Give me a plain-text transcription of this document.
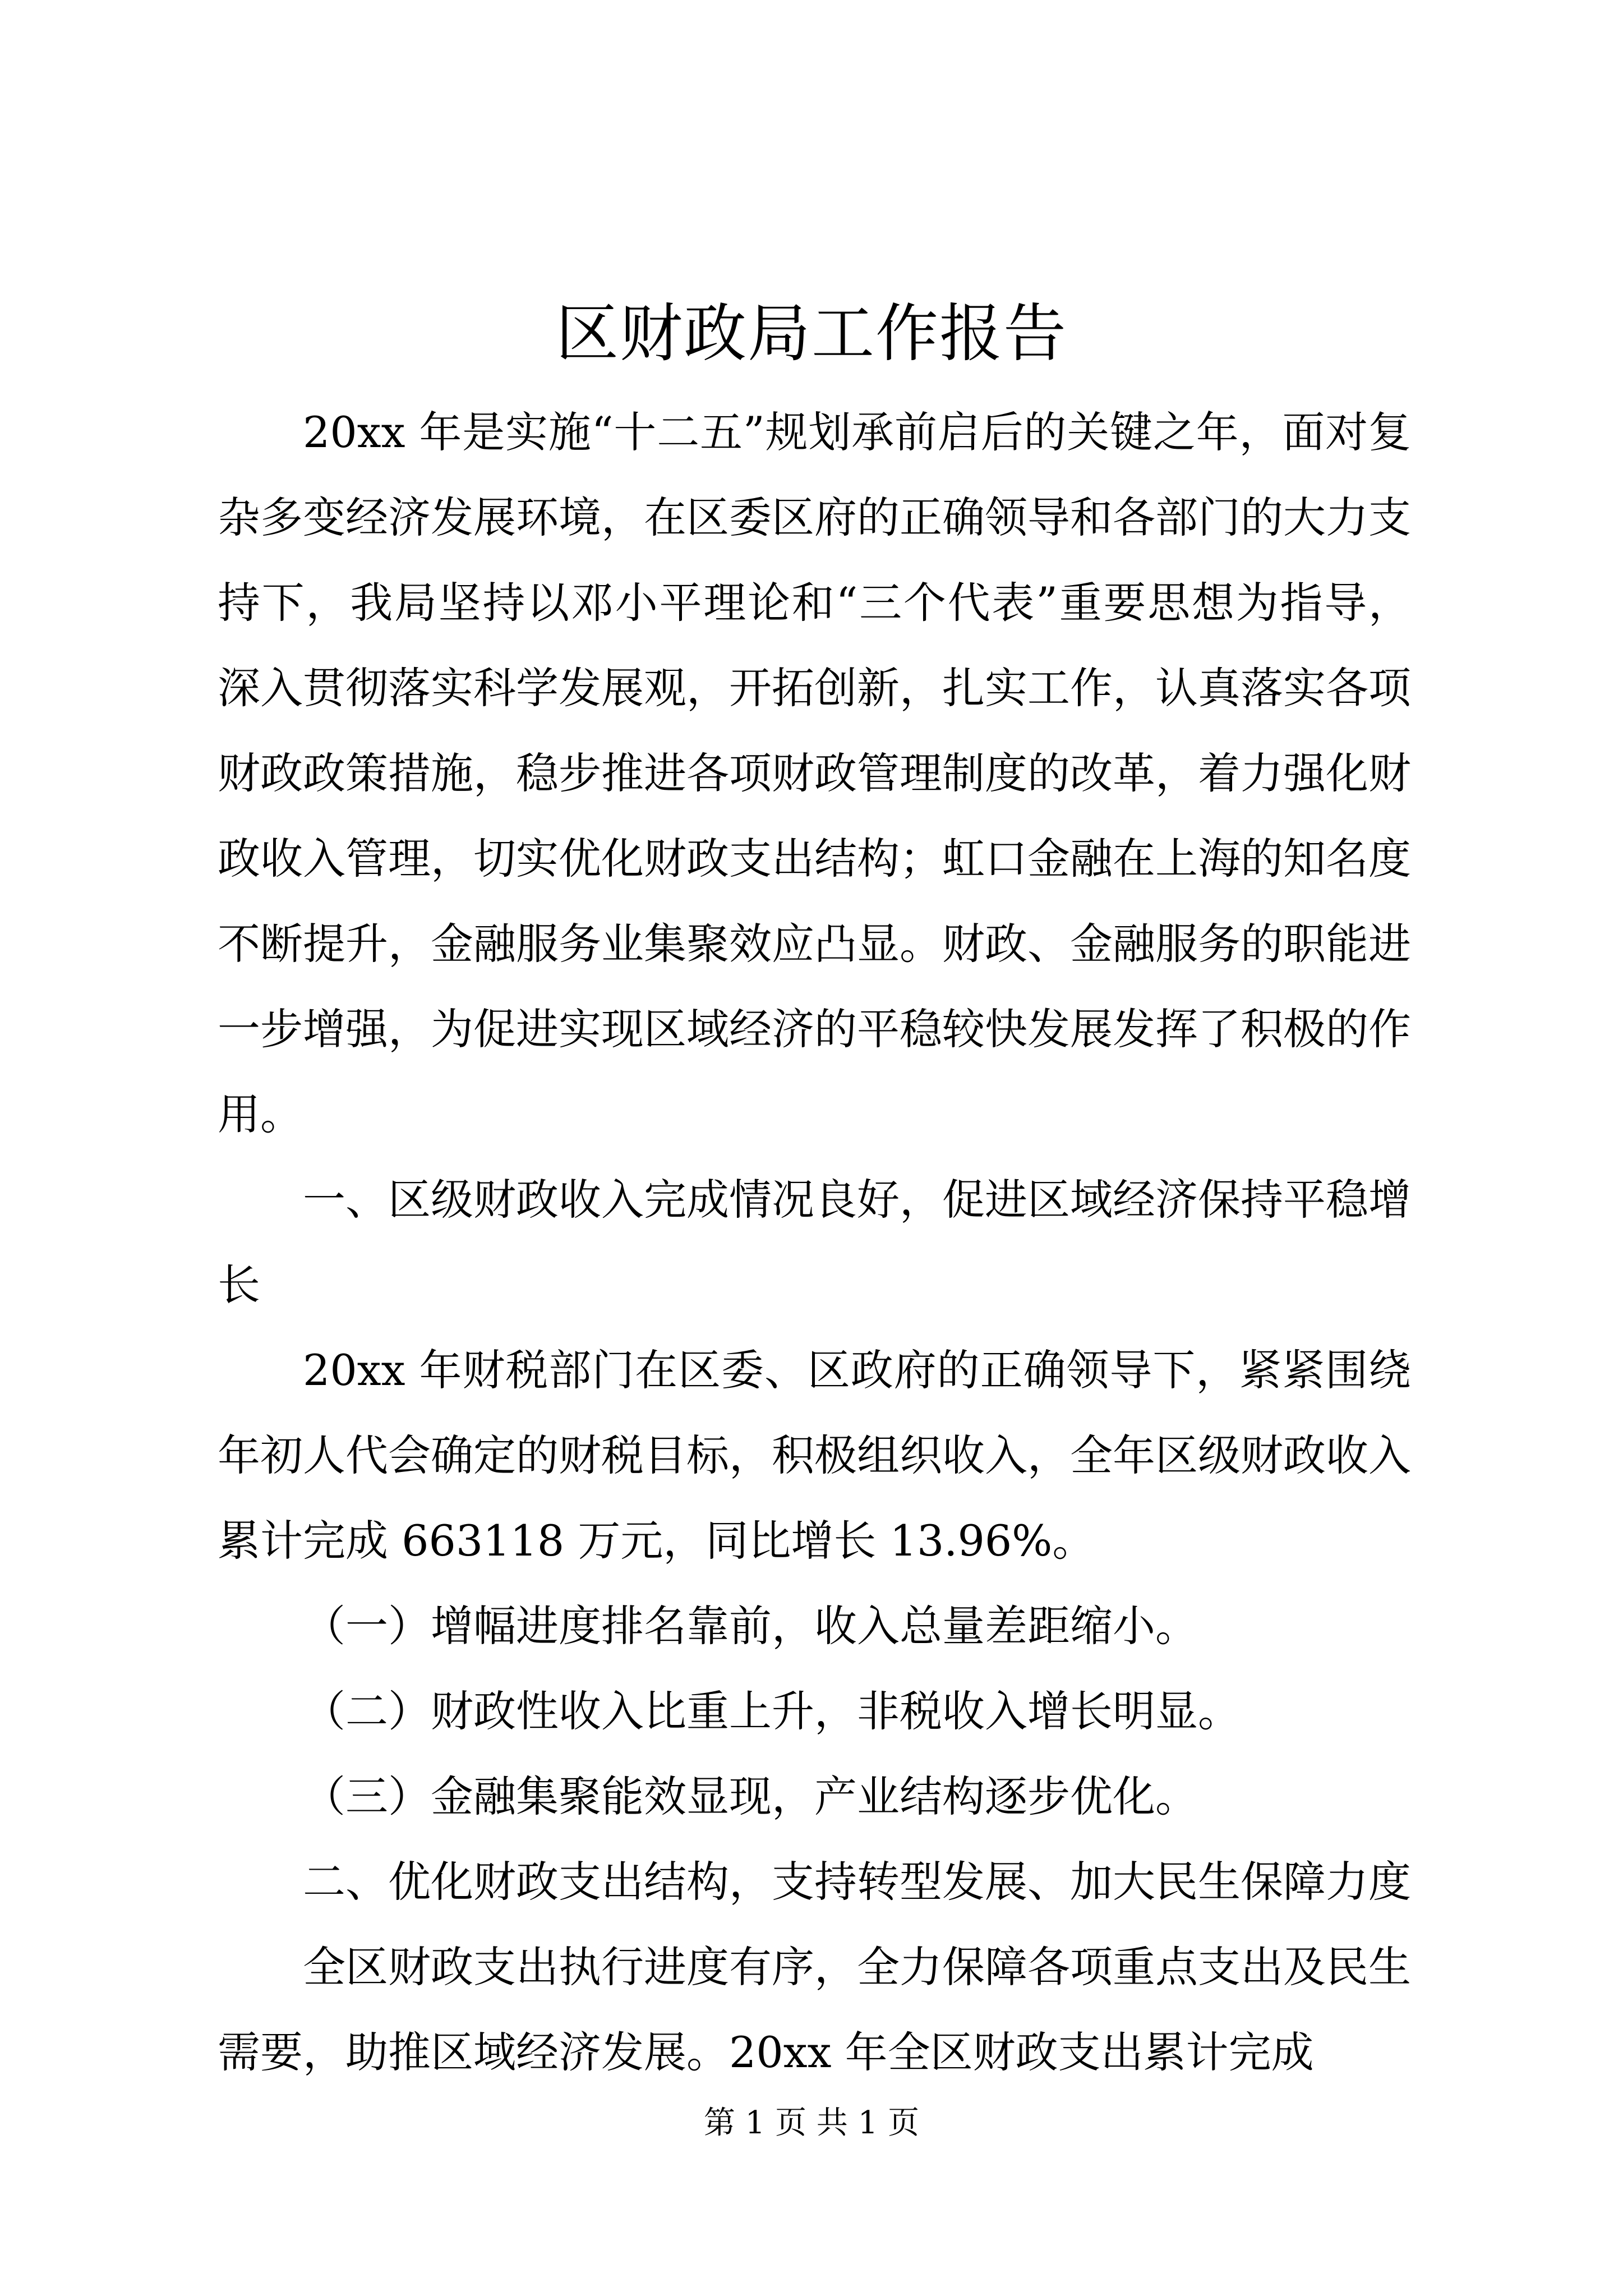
区财政局工作报告

20xx 年是实施“十二五”规划承前启后的关键之年，面对复杂多变经济发展环境，在区委区府的正确领导和各部门的大力支持下，我局坚持以邓小平理论和“三个代表”重要思想为指导，深入贯彻落实科学发展观，开拓创新，扎实工作，认真落实各项财政政策措施，稳步推进各项财政管理制度的改革，着力强化财政收入管理，切实优化财政支出结构；虹口金融在上海的知名度不断提升，金融服务业集聚效应凸显。财政、金融服务的职能进一步增强，为促进实现区域经济的平稳较快发展发挥了积极的作用。

一、区级财政收入完成情况良好，促进区域经济保持平稳增长

20xx 年财税部门在区委、区政府的正确领导下，紧紧围绕年初人代会确定的财税目标，积极组织收入，全年区级财政收入累计完成 663118 万元，同比增长 13.96%。

（一）增幅进度排名靠前，收入总量差距缩小。

（二）财政性收入比重上升，非税收入增长明显。

（三）金融集聚能效显现，产业结构逐步优化。

二、优化财政支出结构，支持转型发展、加大民生保障力度

全区财政支出执行进度有序，全力保障各项重点支出及民生需要，助推区域经济发展。20xx 年全区财政支出累计完成

第 1 页 共 1 页
